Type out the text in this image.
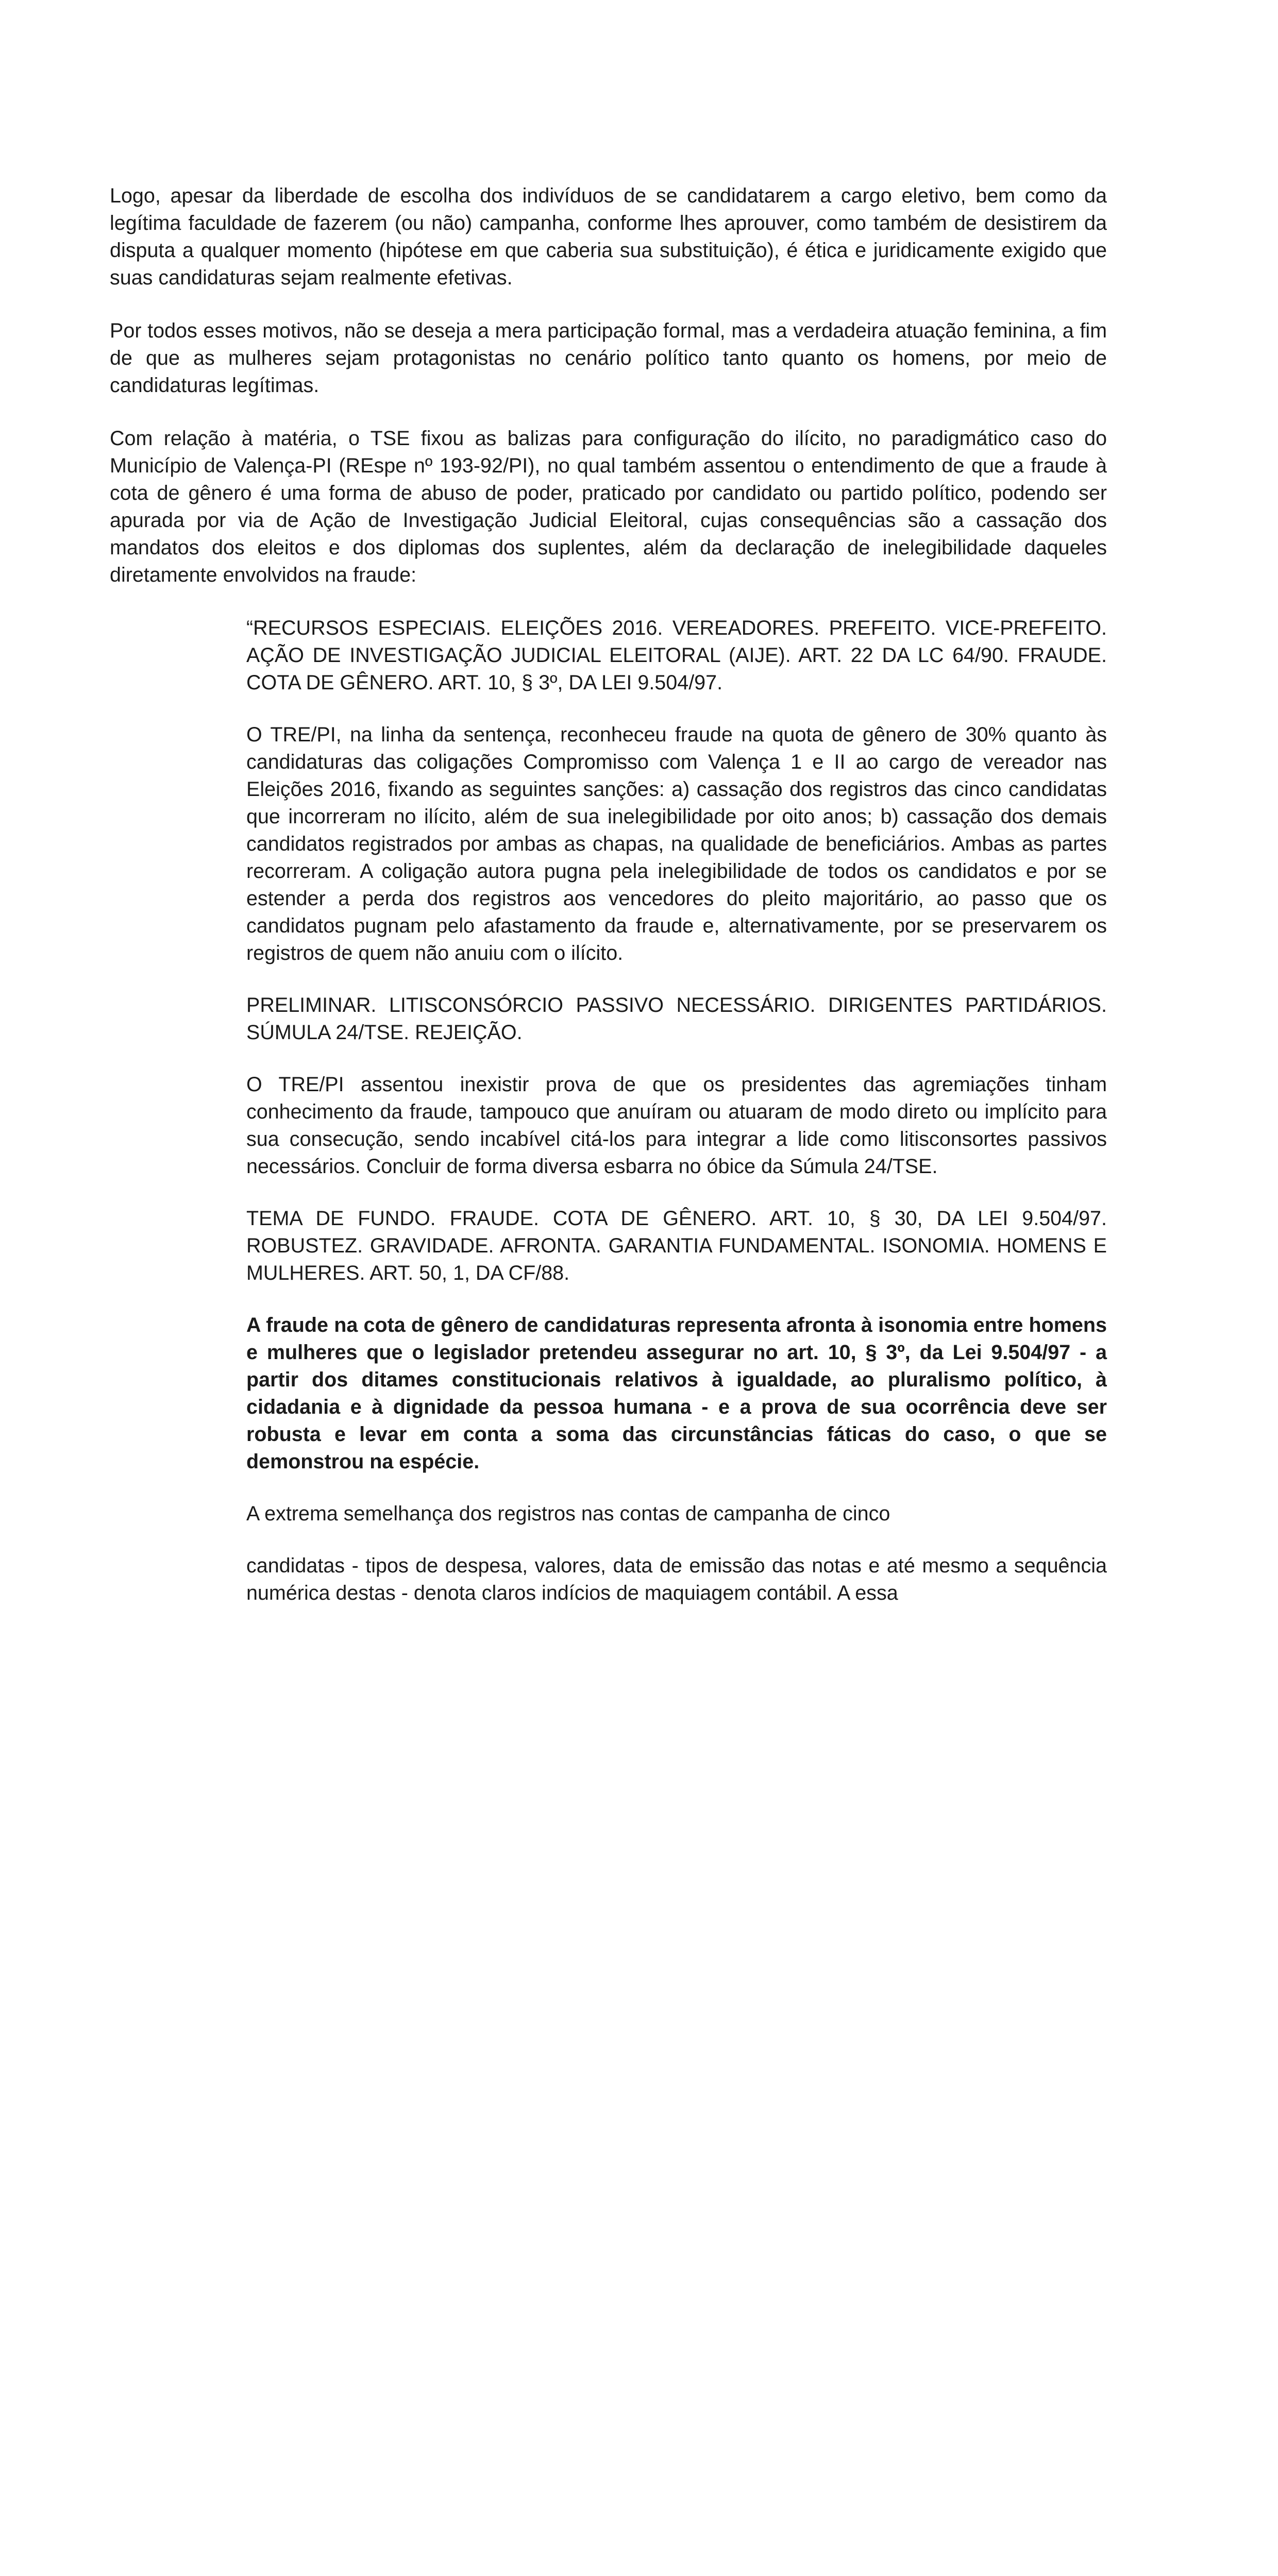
Logo, apesar da liberdade de escolha dos indivíduos de se candidatarem a cargo eletivo, bem como da legítima faculdade de fazerem (ou não) campanha, conforme lhes aprouver, como também de desistirem da disputa a qualquer momento (hipótese em que caberia sua substituição), é ética e juridicamente exigido que suas candidaturas sejam realmente efetivas.

Por todos esses motivos, não se deseja a mera participação formal, mas a verdadeira atuação feminina, a fim de que as mulheres sejam protagonistas no cenário político tanto quanto os homens, por meio de candidaturas legítimas.

Com relação à matéria, o TSE fixou as balizas para configuração do ilícito, no paradigmático caso do Município de Valença-PI (REspe nº 193-92/PI), no qual também assentou o entendimento de que a fraude à cota de gênero é uma forma de abuso de poder, praticado por candidato ou partido político, podendo ser apurada por via de Ação de Investigação Judicial Eleitoral, cujas consequências são a cassação dos mandatos dos eleitos e dos diplomas dos suplentes, além da declaração de inelegibilidade daqueles diretamente envolvidos na fraude:

“RECURSOS ESPECIAIS. ELEIÇÕES 2016. VEREADORES. PREFEITO. VICE-PREFEITO. AÇÃO DE INVESTIGAÇÃO JUDICIAL ELEITORAL (AIJE). ART. 22 DA LC 64/90. FRAUDE. COTA DE GÊNERO. ART. 10, § 3º, DA LEI 9.504/97.

O TRE/PI, na linha da sentença, reconheceu fraude na quota de gênero de 30% quanto às candidaturas das coligações Compromisso com Valença 1 e II ao cargo de vereador nas Eleições 2016, fixando as seguintes sanções: a) cassação dos registros das cinco candidatas que incorreram no ilícito, além de sua inelegibilidade por oito anos; b) cassação dos demais candidatos registrados por ambas as chapas, na qualidade de beneficiários. Ambas as partes recorreram. A coligação autora pugna pela inelegibilidade de todos os candidatos e por se estender a perda dos registros aos vencedores do pleito majoritário, ao passo que os candidatos pugnam pelo afastamento da fraude e, alternativamente, por se preservarem os registros de quem não anuiu com o ilícito.

PRELIMINAR. LITISCONSÓRCIO PASSIVO NECESSÁRIO. DIRIGENTES PARTIDÁRIOS. SÚMULA 24/TSE. REJEIÇÃO.

O TRE/PI assentou inexistir prova de que os presidentes das agremiações tinham conhecimento da fraude, tampouco que anuíram ou atuaram de modo direto ou implícito para sua consecução, sendo incabível citá-los para integrar a lide como litisconsortes passivos necessários. Concluir de forma diversa esbarra no óbice da Súmula 24/TSE.

TEMA DE FUNDO. FRAUDE. COTA DE GÊNERO. ART. 10, § 30, DA LEI 9.504/97. ROBUSTEZ. GRAVIDADE. AFRONTA. GARANTIA FUNDAMENTAL. ISONOMIA. HOMENS E MULHERES. ART. 50, 1, DA CF/88.

A fraude na cota de gênero de candidaturas representa afronta à isonomia entre homens e mulheres que o legislador pretendeu assegurar no art. 10, § 3º, da Lei 9.504/97 - a partir dos ditames constitucionais relativos à igualdade, ao pluralismo político, à cidadania e à dignidade da pessoa humana - e a prova de sua ocorrência deve ser robusta e levar em conta a soma das circunstâncias fáticas do caso, o que se demonstrou na espécie.

A extrema semelhança dos registros nas contas de campanha de cinco

candidatas - tipos de despesa, valores, data de emissão das notas e até mesmo a sequência numérica destas - denota claros indícios de maquiagem contábil. A essa
